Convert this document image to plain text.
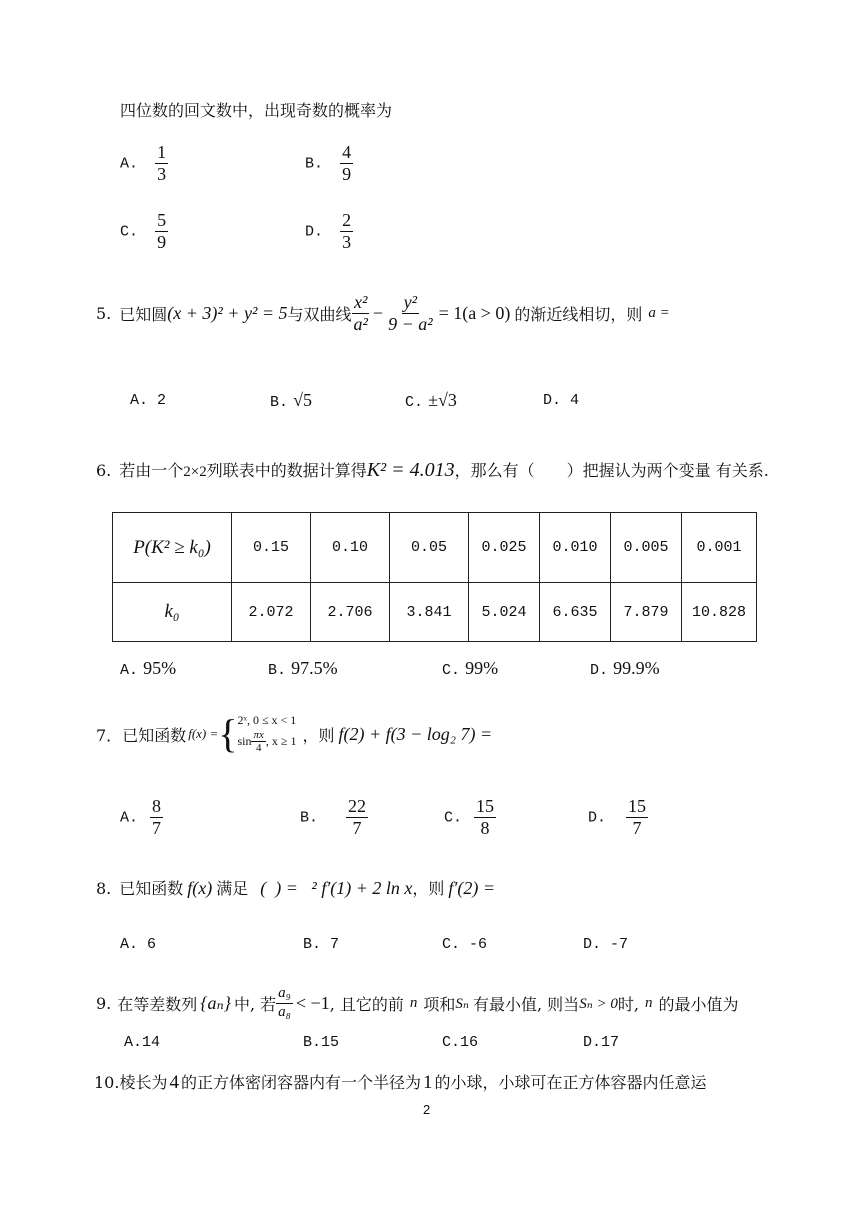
四位数的回文数中，出现奇数的概率为
A. $\frac{1}{3}$	B. $\frac{4}{9}$
C. $\frac{5}{9}$	D. $\frac{2}{3}$
5. 已知圆 (x + 3)² + y² = 5 与双曲线 $\frac{\text{x²}}{\text{a²}} - \frac{\text{y²}}{\text{9 − a²}} = 1(a > 0)$ 的渐近线相切，则 a =
A. 2	B. √5	C. ±√3	D. 4
6. 若由一个 2×2 列联表中的数据计算得 K² = 4.013 ，那么有（　　）把握认为两个变量 有关系.
P(K² ≥ k₀)	0.15	0.10	0.05	0.025	0.010	0.005	0.001
k₀	2.072	2.706	3.841	5.024	6.635	7.879	10.828
A. 95%	B. 97.5%	C. 99%	D. 99.9%
7． 已知函数 f(x) = { 2ˣ, 0 ≤ x < 1
$\sin \frac{\pi x}{4}$ , x ≥ 1 ，则 f(2) + f(3 − log₂ 7) =
A. $\frac{8}{7}$	B. $\frac{22}{7}$	C. $\frac{15}{8}$	D. $\frac{15}{7}$
8. 已知函数 f(x) 满足 (  ) =   ² f′(1) + 2 ln x ，则 f′(2) =
A. 6	B. 7	C. -6	D. -7
9. 在等差数列 {aₙ} 中, 若 $\frac{\text{a₉}}{\text{a₈}} < -1$ , 且它的前 n 项和 Sₙ 有最小值, 则当 Sₙ > 0 时, n 的最小值为
A.14	B.15	C.16	D.17
10. 棱长为 4 的正方体密闭容器内有一个半径为 1 的小球，小球可在正方体容器内任意运
2
